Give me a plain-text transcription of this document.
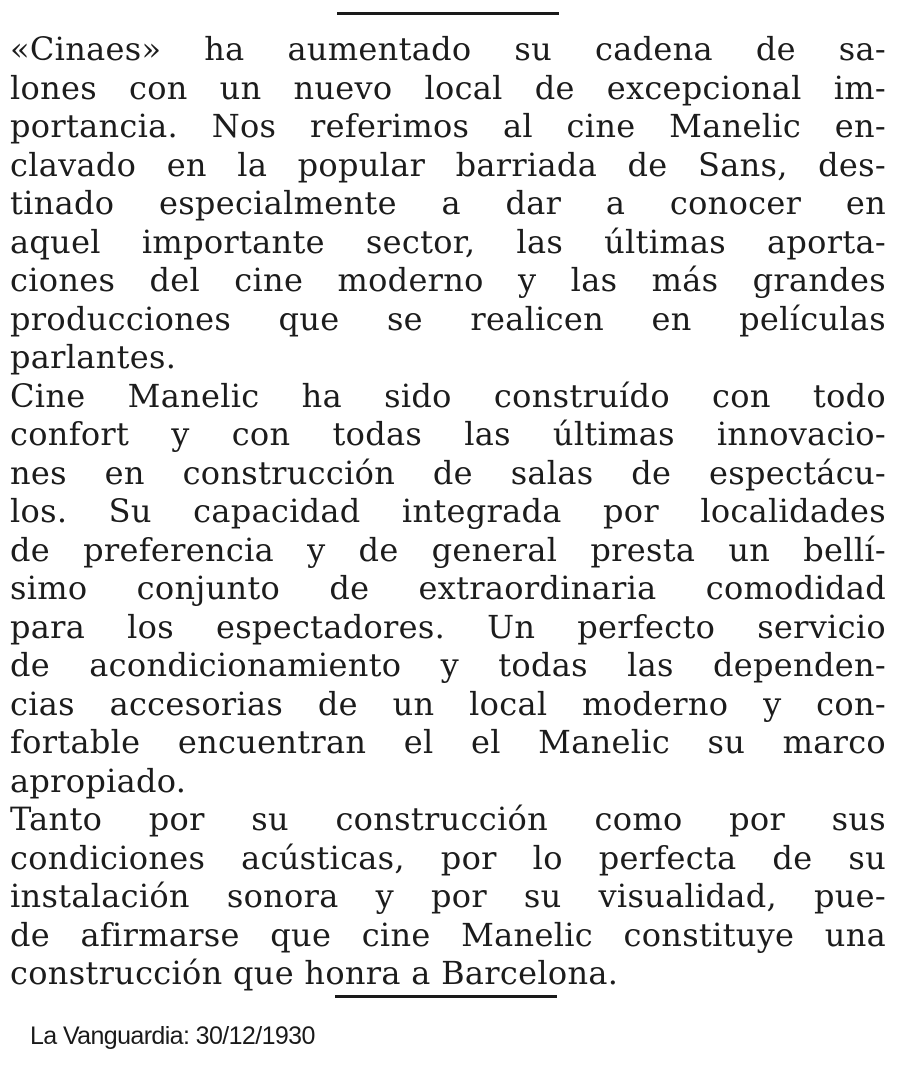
«Cinaes» ha aumentado su cadena de sa-
lones con un nuevo local de excepcional im-
portancia. Nos referimos al cine Manelic en-
clavado en la popular barriada de Sans, des-
tinado especialmente a dar a conocer en
aquel importante sector, las últimas aporta-
ciones del cine moderno y las más grandes
producciones que se realicen en películas
parlantes.
Cine Manelic ha sido construído con todo
confort y con todas las últimas innovacio-
nes en construcción de salas de espectácu-
los. Su capacidad integrada por localidades
de preferencia y de general presta un bellí-
simo conjunto de extraordinaria comodidad
para los espectadores. Un perfecto servicio
de acondicionamiento y todas las dependen-
cias accesorias de un local moderno y con-
fortable encuentran el el Manelic su marco
apropiado.
Tanto por su construcción como por sus
condiciones acústicas, por lo perfecta de su
instalación sonora y por su visualidad, pue-
de afirmarse que cine Manelic constituye una
construcción que honra a Barcelona.
La Vanguardia: 30/12/1930
